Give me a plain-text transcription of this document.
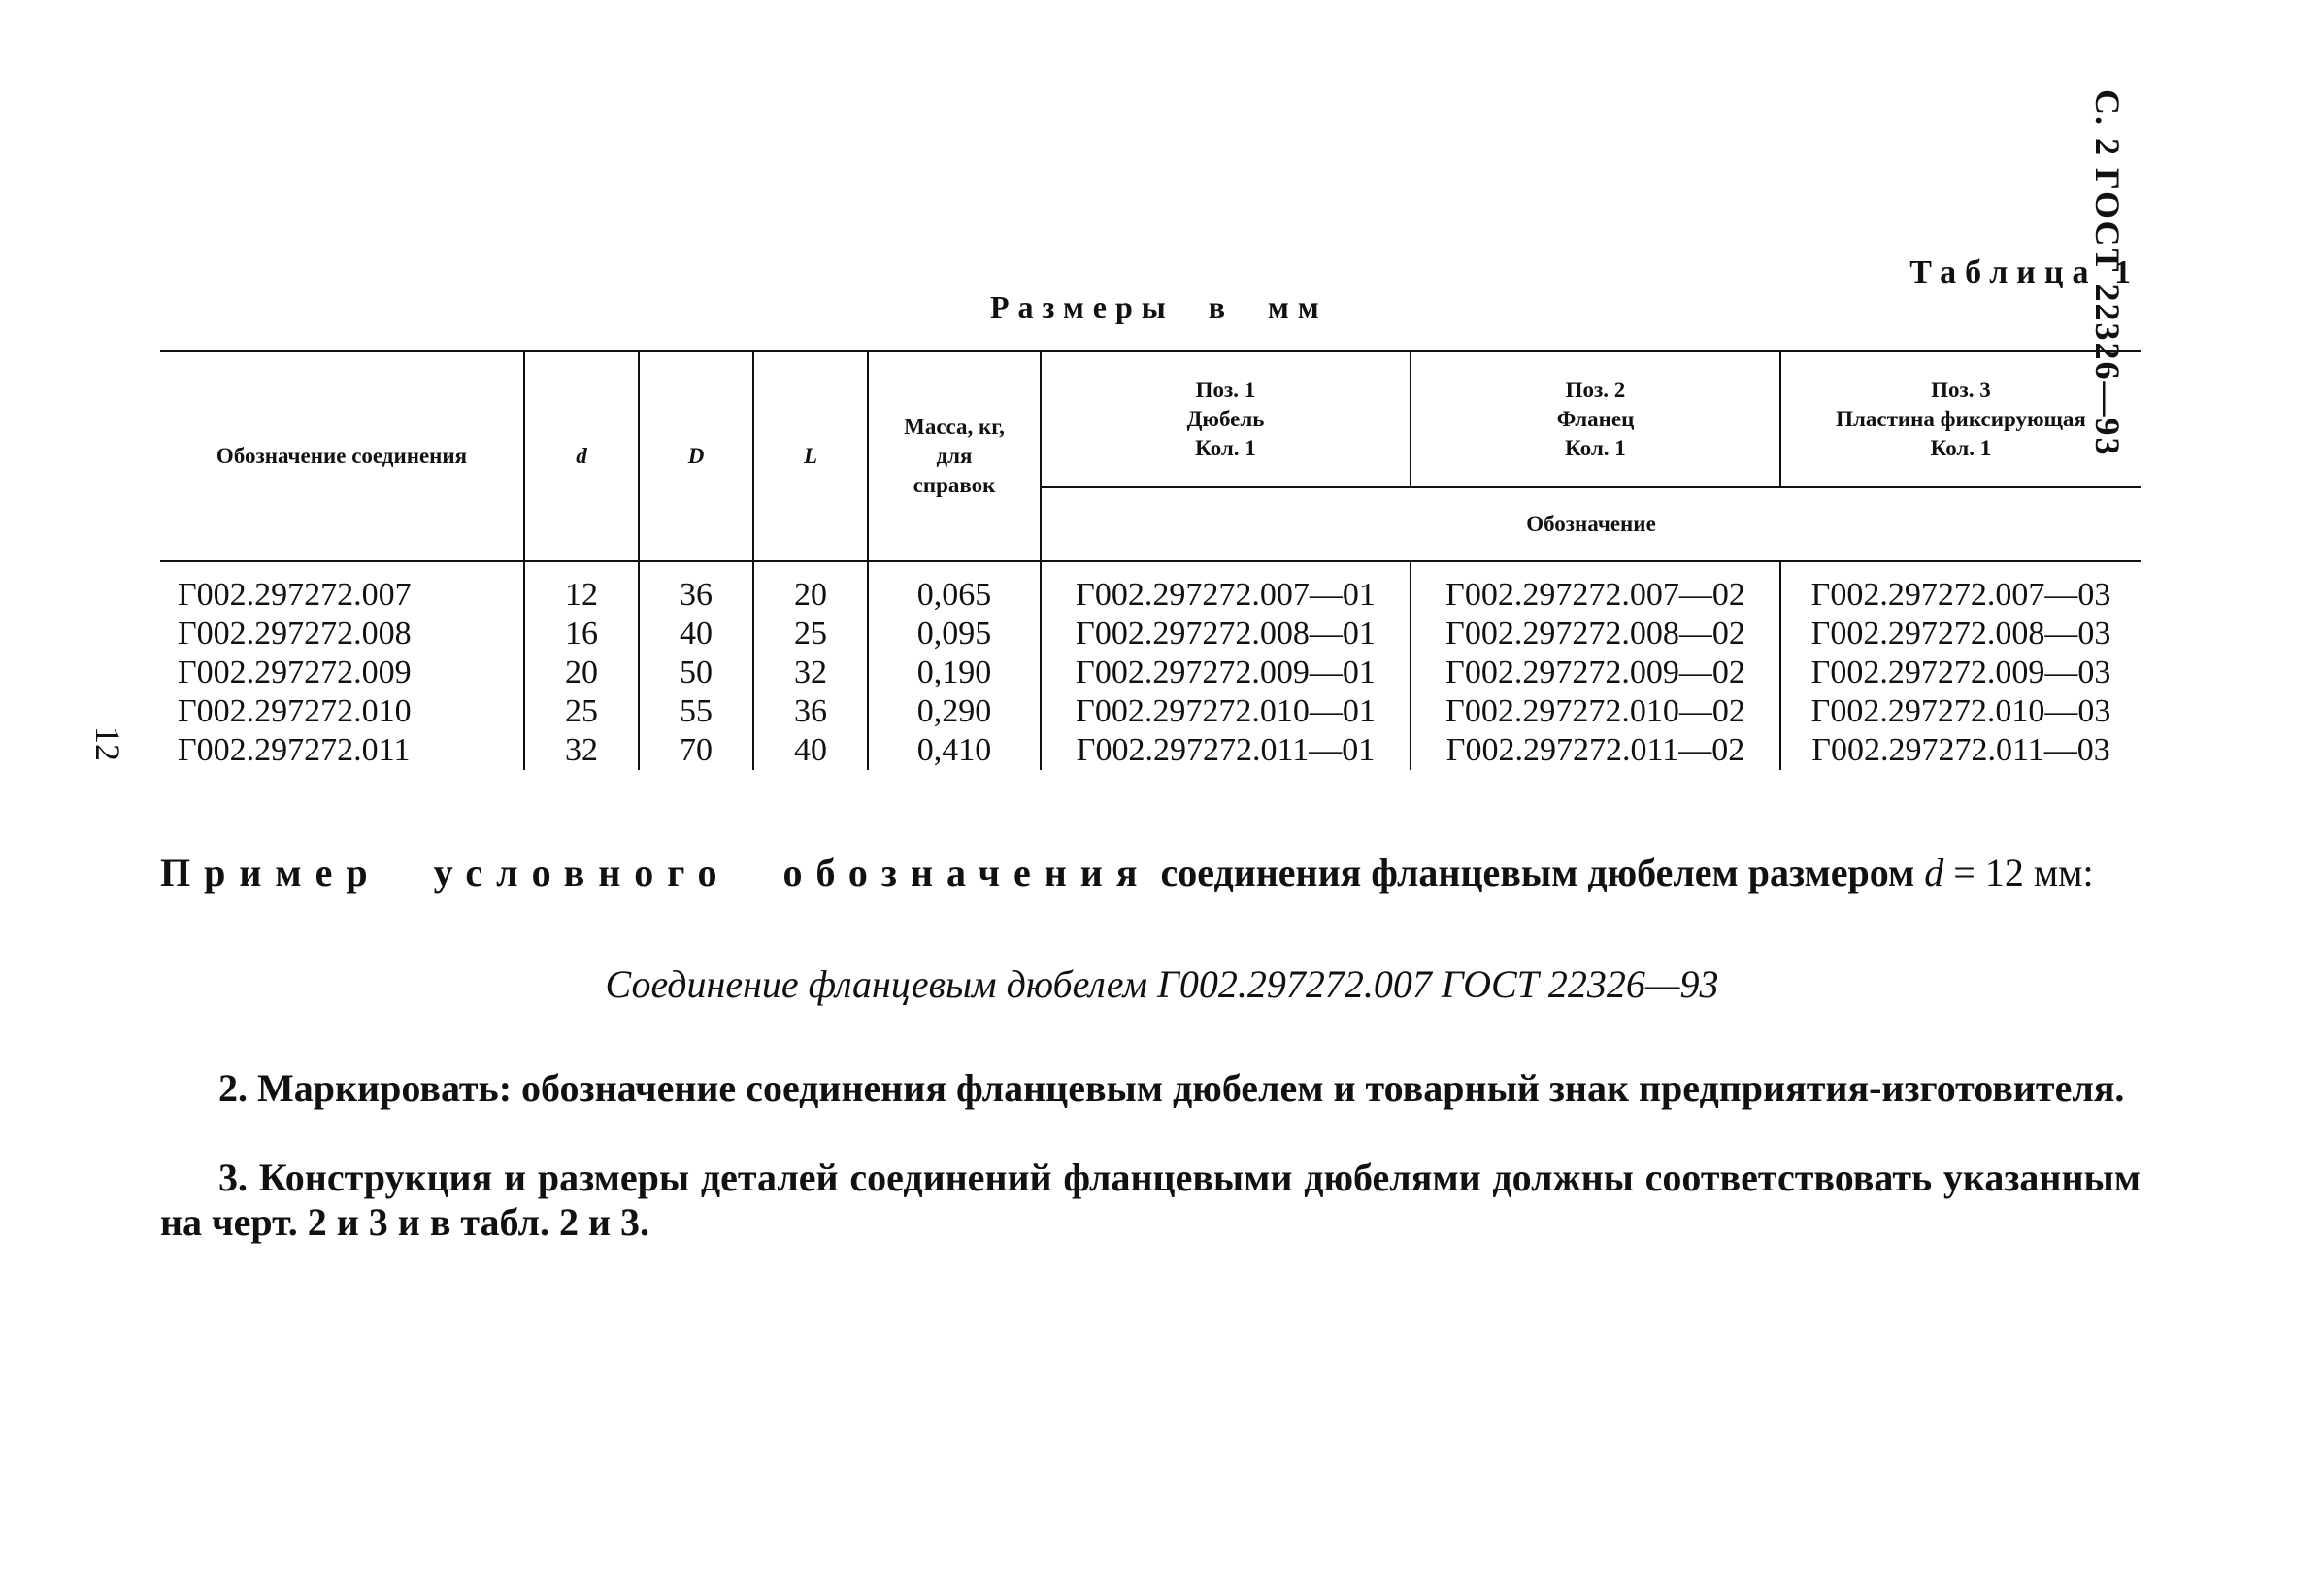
С. 2 ГОСТ 22326—93
12
Таблица 1
Размеры в мм
Обозначение соединения	d	D	L	Масса, кг,
для
справок	Поз. 1
Дюбель
Кол. 1	Поз. 2
Фланец
Кол. 1	Поз. 3
Пластина фиксирующая
Кол. 1
					Обозначение		

Г002.297272.007	12	36	20	0,065	Г002.297272.007—01	Г002.297272.007—02	Г002.297272.007—03
Г002.297272.008	16	40	25	0,095	Г002.297272.008—01	Г002.297272.008—02	Г002.297272.008—03
Г002.297272.009	20	50	32	0,190	Г002.297272.009—01	Г002.297272.009—02	Г002.297272.009—03
Г002.297272.010	25	55	36	0,290	Г002.297272.010—01	Г002.297272.010—02	Г002.297272.010—03
Г002.297272.011	32	70	40	0,410	Г002.297272.011—01	Г002.297272.011—02	Г002.297272.011—03
Пример условного обозначения соединения фланцевым дюбелем размером d = 12 мм:
Соединение фланцевым дюбелем Г002.297272.007 ГОСТ 22326—93
2. Маркировать: обозначение соединения фланцевым дюбелем и товарный знак предприятия-изготовителя.
3. Конструкция и размеры деталей соединений фланцевыми дюбелями должны соответствовать указанным на черт. 2 и 3 и в табл. 2 и 3.
